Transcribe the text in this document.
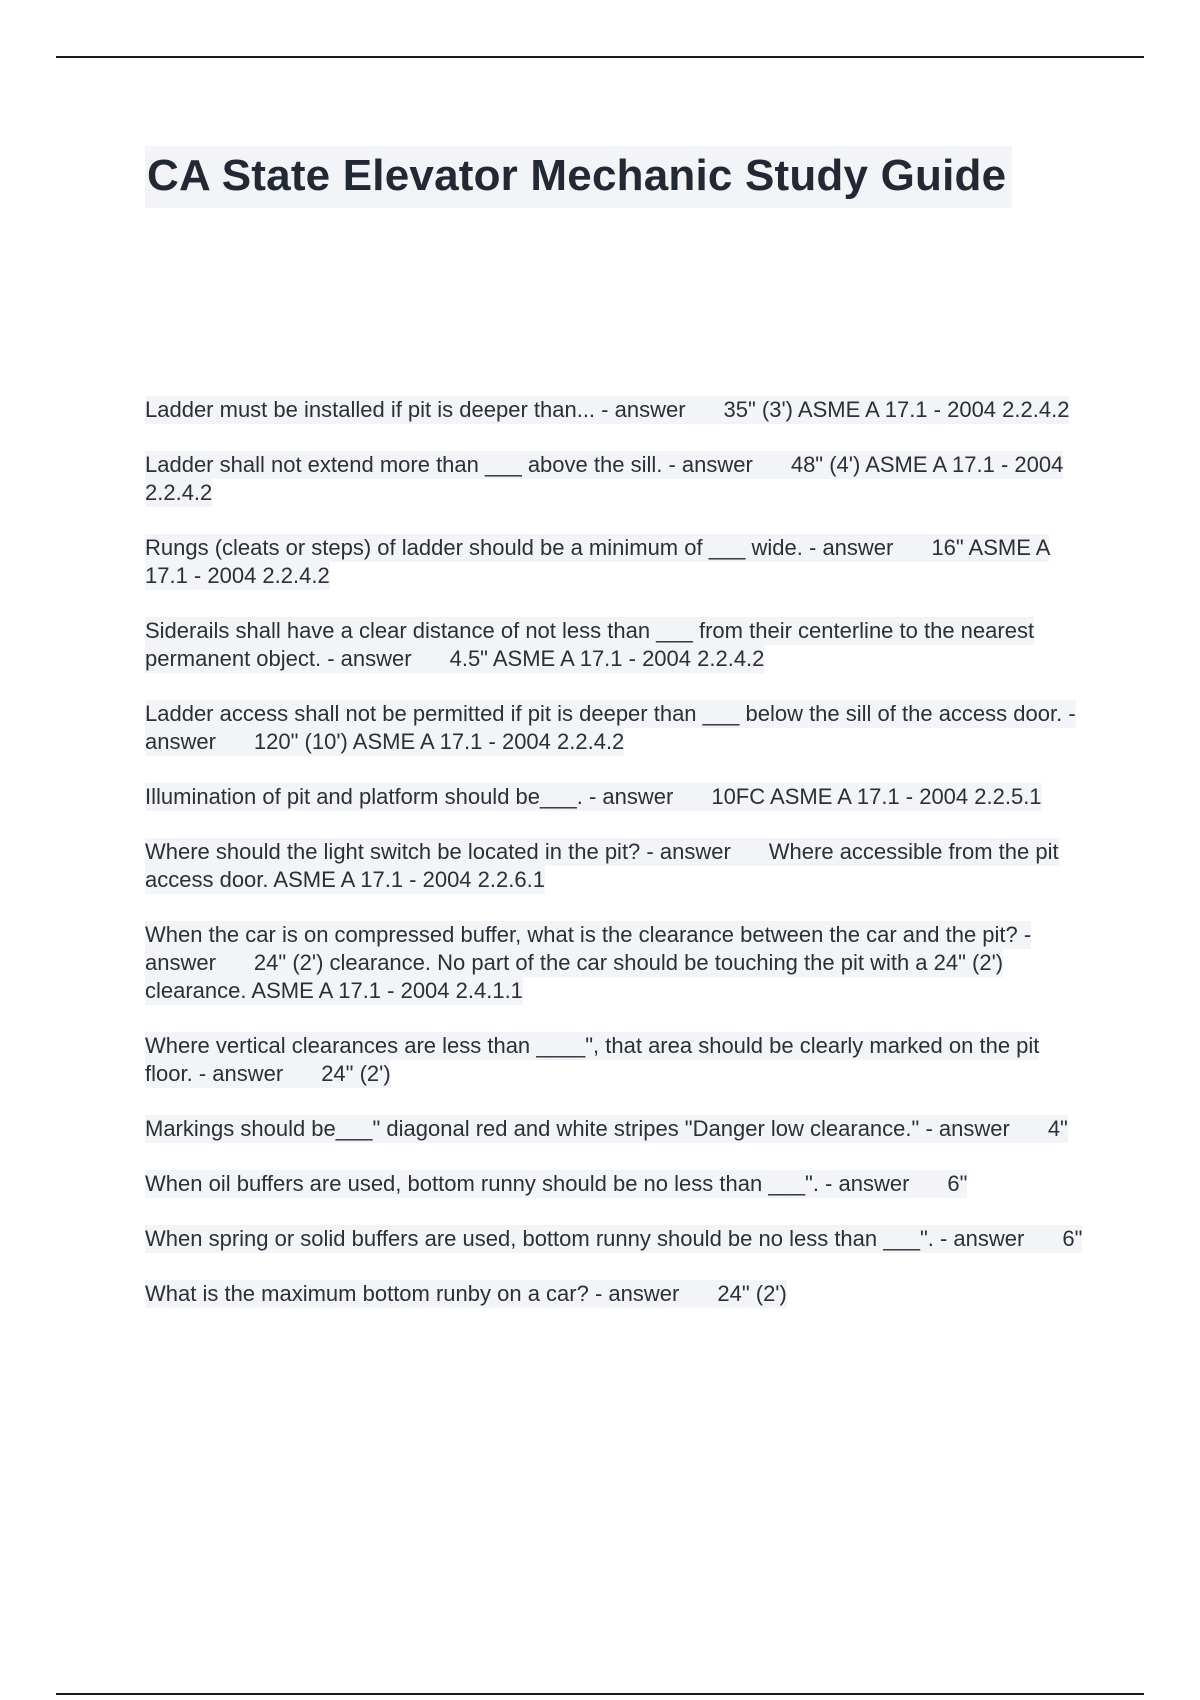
CA State Elevator Mechanic Study Guide

Ladder must be installed if pit is deeper than... - answer 35" (3') ASME A 17.1 - 2004 2.2.4.2

Ladder shall not extend more than ___ above the sill. - answer 48" (4') ASME A 17.1 - 2004 2.2.4.2

Rungs (cleats or steps) of ladder should be a minimum of ___ wide. - answer 16" ASME A 17.1 - 2004 2.2.4.2

Siderails shall have a clear distance of not less than ___ from their centerline to the nearest permanent object. - answer 4.5" ASME A 17.1 - 2004 2.2.4.2

Ladder access shall not be permitted if pit is deeper than ___ below the sill of the access door. - answer 120" (10') ASME A 17.1 - 2004 2.2.4.2

Illumination of pit and platform should be___. - answer 10FC ASME A 17.1 - 2004 2.2.5.1

Where should the light switch be located in the pit? - answer Where accessible from the pit access door. ASME A 17.1 - 2004 2.2.6.1

When the car is on compressed buffer, what is the clearance between the car and the pit? - answer 24" (2') clearance. No part of the car should be touching the pit with a 24" (2') clearance. ASME A 17.1 - 2004 2.4.1.1

Where vertical clearances are less than ____", that area should be clearly marked on the pit floor. - answer 24" (2')

Markings should be___" diagonal red and white stripes "Danger low clearance." - answer 4"

When oil buffers are used, bottom runny should be no less than ___". - answer 6"

When spring or solid buffers are used, bottom runny should be no less than ___". - answer 6"

What is the maximum bottom runby on a car? - answer 24" (2')
